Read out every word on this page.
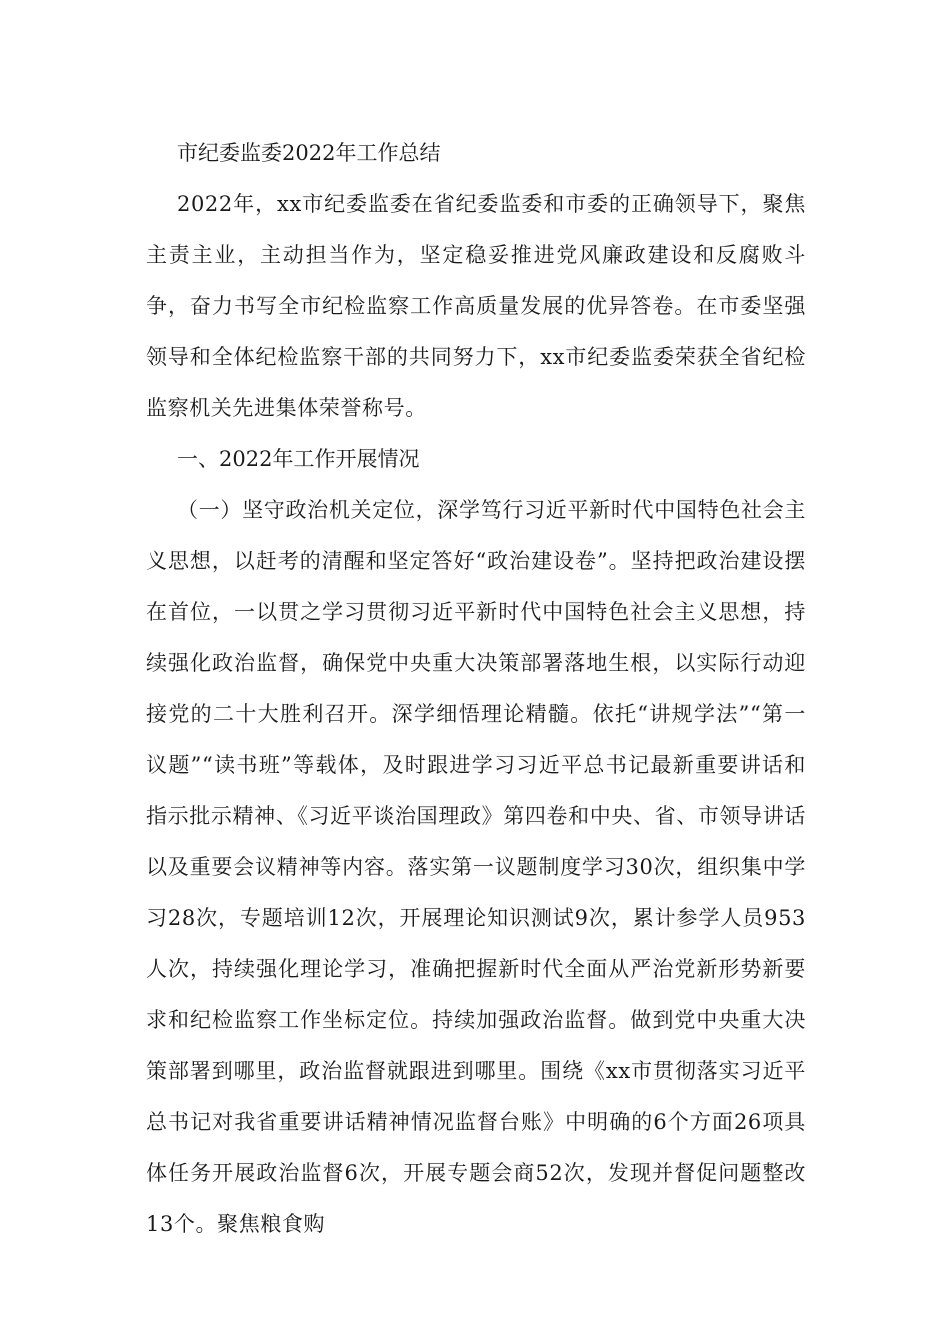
市纪委监委2022年工作总结

2022年，xx市纪委监委在省纪委监委和市委的正确领导下，聚焦主责主业，主动担当作为，坚定稳妥推进党风廉政建设和反腐败斗争，奋力书写全市纪检监察工作高质量发展的优异答卷。在市委坚强领导和全体纪检监察干部的共同努力下，xx市纪委监委荣获全省纪检监察机关先进集体荣誉称号。

一、2022年工作开展情况

（一）坚守政治机关定位，深学笃行习近平新时代中国特色社会主义思想，以赶考的清醒和坚定答好“政治建设卷”。坚持把政治建设摆在首位，一以贯之学习贯彻习近平新时代中国特色社会主义思想，持续强化政治监督，确保党中央重大决策部署落地生根，以实际行动迎接党的二十大胜利召开。深学细悟理论精髓。依托“讲规学法”“第一议题”“读书班”等载体，及时跟进学习习近平总书记最新重要讲话和指示批示精神、《习近平谈治国理政》第四卷和中央、省、市领导讲话以及重要会议精神等内容。落实第一议题制度学习30次，组织集中学习28次，专题培训12次，开展理论知识测试9次，累计参学人员953人次，持续强化理论学习，准确把握新时代全面从严治党新形势新要求和纪检监察工作坐标定位。持续加强政治监督。做到党中央重大决策部署到哪里，政治监督就跟进到哪里。围绕《xx市贯彻落实习近平总书记对我省重要讲话精神情况监督台账》中明确的6个方面26项具体任务开展政治监督6次，开展专题会商52次，发现并督促问题整改13个。聚焦粮食购
